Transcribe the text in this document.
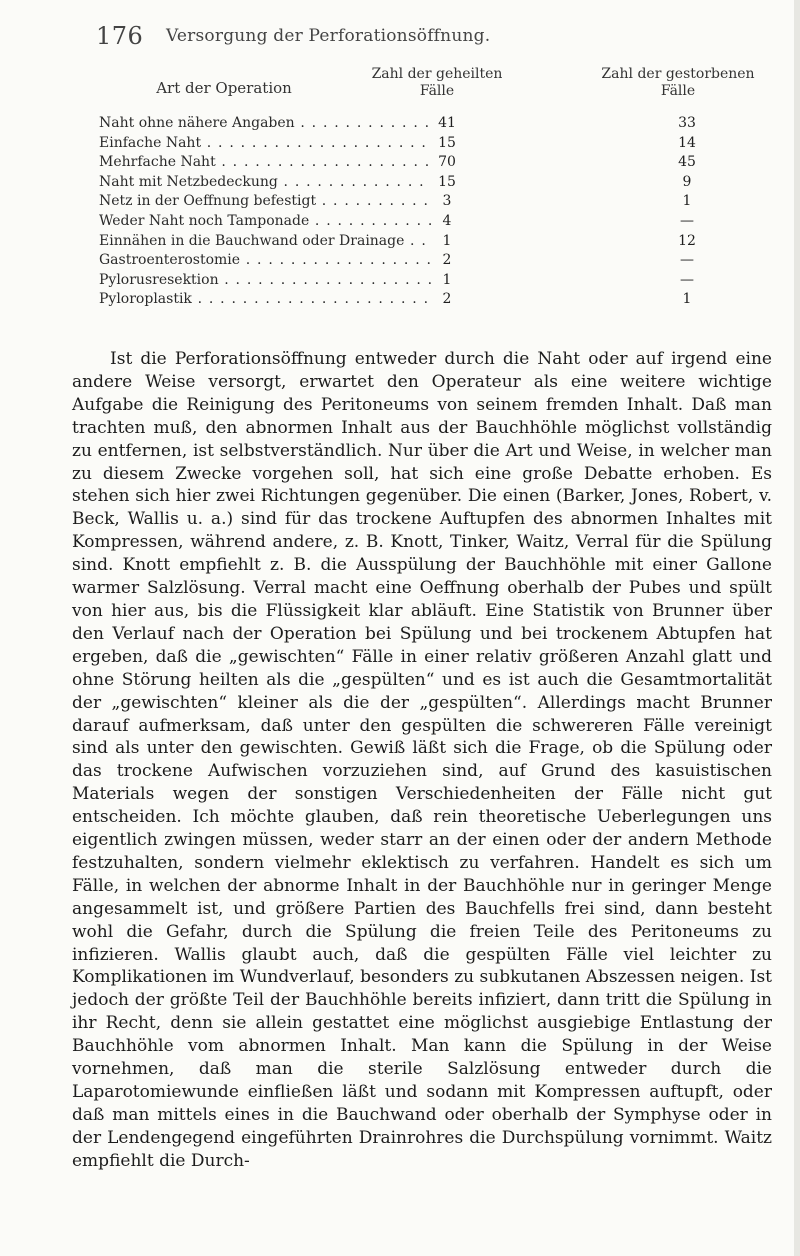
176 Versorgung der Perforationsöffnung.
Art der Operation
Zahl der geheilten Fälle
Zahl der gestorbenen Fälle
Naht ohne nähere Angaben . . .	41	33
Einfache Naht . . .	15	14
Mehrfache Naht . . .	70	45
Naht mit Netzbedeckung . . .	15	9
Netz in der Oeffnung befestigt . . .	3	1
Weder Naht noch Tamponade . . .	4	—
Einnähen in die Bauchwand oder Drainage . . .	1	12
Gastroenterostomie . . .	2	—
Pylorusresektion . . .	1	—
Pyloroplastik . . .	2	1

Ist die Perforationsöffnung entweder durch die Naht oder auf irgend eine andere Weise versorgt, erwartet den Operateur als eine weitere wichtige Aufgabe die Reinigung des Peritoneums von seinem fremden Inhalt. Daß man trachten muß, den abnormen Inhalt aus der Bauchhöhle möglichst vollständig zu entfernen, ist selbstverständlich. Nur über die Art und Weise, in welcher man zu diesem Zwecke vorgehen soll, hat sich eine große Debatte erhoben. Es stehen sich hier zwei Richtungen gegenüber. Die einen (Barker, Jones, Robert, v. Beck, Wallis u. a.) sind für das trockene Auftupfen des abnormen Inhaltes mit Kompressen, während andere, z. B. Knott, Tinker, Waitz, Verral für die Spülung sind. Knott empfiehlt z. B. die Ausspülung der Bauchhöhle mit einer Gallone warmer Salzlösung. Verral macht eine Oeffnung oberhalb der Pubes und spült von hier aus, bis die Flüssigkeit klar abläuft. Eine Statistik von Brunner über den Verlauf nach der Operation bei Spülung und bei trockenem Abtupfen hat ergeben, daß die „gewischten“ Fälle in einer relativ größeren Anzahl glatt und ohne Störung heilten als die „gespülten“ und es ist auch die Gesamtmortalität der „gewischten“ kleiner als die der „gespülten“. Allerdings macht Brunner darauf aufmerksam, daß unter den gespülten die schwereren Fälle vereinigt sind als unter den gewischten. Gewiß läßt sich die Frage, ob die Spülung oder das trockene Aufwischen vorzuziehen sind, auf Grund des kasuistischen Materials wegen der sonstigen Verschiedenheiten der Fälle nicht gut entscheiden. Ich möchte glauben, daß rein theoretische Ueberlegungen uns eigentlich zwingen müssen, weder starr an der einen oder der andern Methode festzuhalten, sondern vielmehr eklektisch zu verfahren. Handelt es sich um Fälle, in welchen der abnorme Inhalt in der Bauchhöhle nur in geringer Menge angesammelt ist, und größere Partien des Bauchfells frei sind, dann besteht wohl die Gefahr, durch die Spülung die freien Teile des Peritoneums zu infizieren. Wallis glaubt auch, daß die gespülten Fälle viel leichter zu Komplikationen im Wundverlauf, besonders zu subkutanen Abszessen neigen. Ist jedoch der größte Teil der Bauchhöhle bereits infiziert, dann tritt die Spülung in ihr Recht, denn sie allein gestattet eine möglichst ausgiebige Entlastung der Bauchhöhle vom abnormen Inhalt. Man kann die Spülung in der Weise vornehmen, daß man die sterile Salzlösung entweder durch die Laparotomiewunde einfließen läßt und sodann mit Kompressen auftupft, oder daß man mittels eines in die Bauchwand oder oberhalb der Symphyse oder in der Lendengegend eingeführten Drainrohres die Durchspülung vornimmt. Waitz empfiehlt die Durch-
